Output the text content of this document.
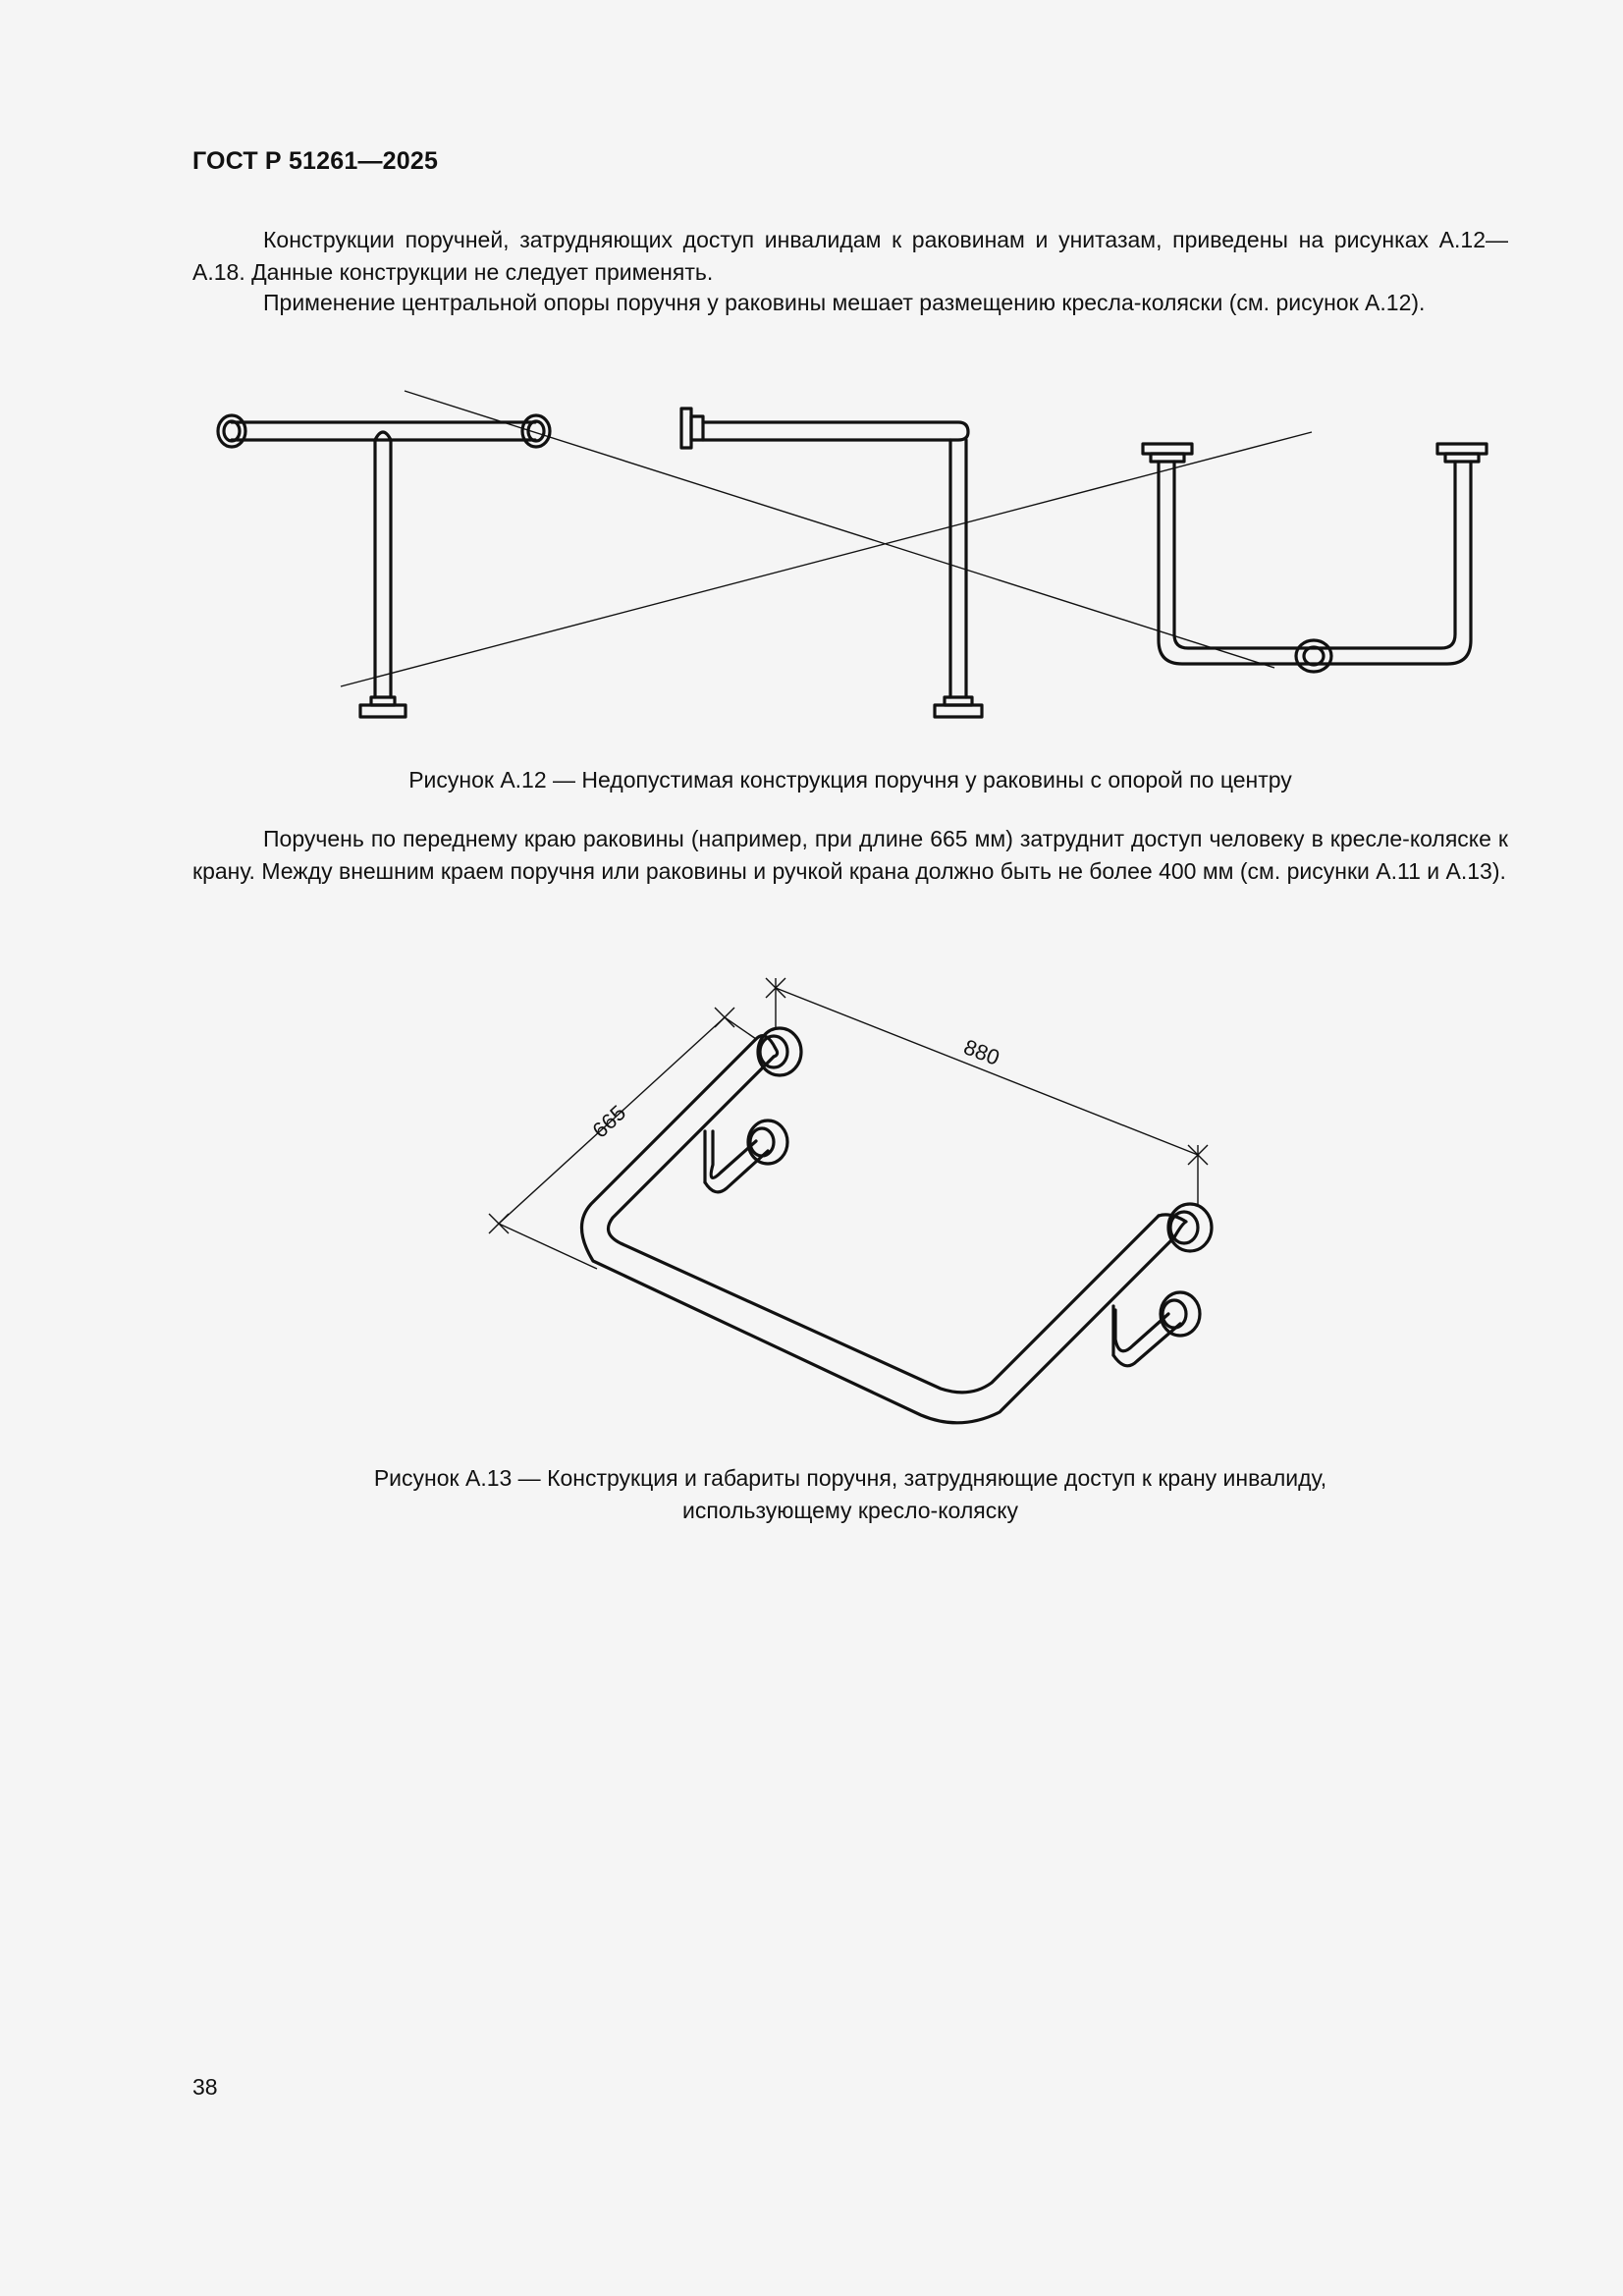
ГОСТ Р 51261—2025

Конструкции поручней, затрудняющих доступ инвалидам к раковинам и унитазам, приведены на рисунках А.12—А.18. Данные конструкции не следует применять.

Применение центральной опоры поручня у раковины мешает размещению кресла-коляски (см. рисунок А.12).

Рисунок А.12 — Недопустимая конструкция поручня у раковины с опорой по центру

Поручень по переднему краю раковины (например, при длине 665 мм) затруднит доступ человеку в кресле-коляске к крану. Между внешним краем поручня или раковины и ручкой крана должно быть не более 400 мм (см. рисунки А.11 и А.13).

665
880
Рисунок А.13 — Конструкция и габариты поручня, затрудняющие доступ к крану инвалиду,
использующему кресло-коляску
38
